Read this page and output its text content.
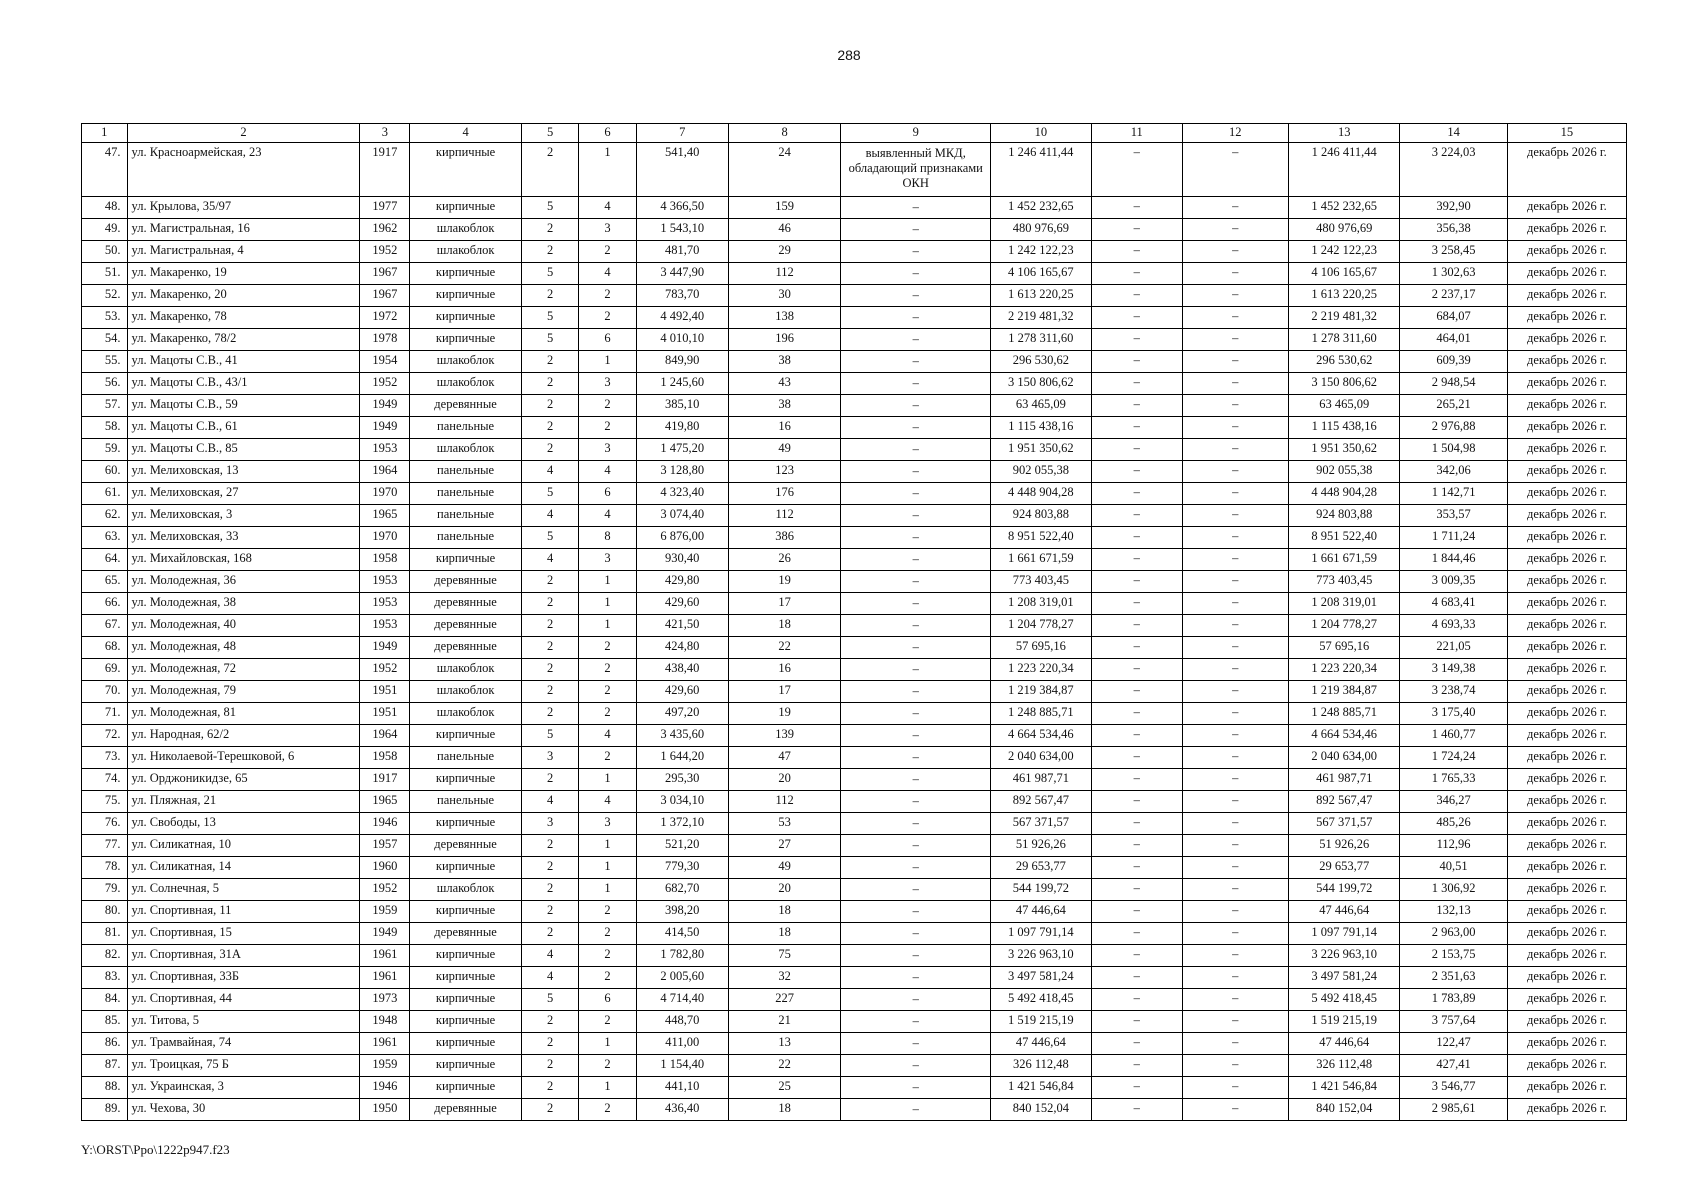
288
1	2	3	4	5	6	7	8	9	10	11	12	13	14	15
47.	ул. Красноармейская, 23	1917	кирпичные	2	1	541,40	24	выявленный МКД, обладающий признаками ОКН	1 246 411,44	–	–	1 246 411,44	3 224,03	декабрь 2026 г.
48.	ул. Крылова, 35/97	1977	кирпичные	5	4	4 366,50	159	–	1 452 232,65	–	–	1 452 232,65	392,90	декабрь 2026 г.
49.	ул. Магистральная, 16	1962	шлакоблок	2	3	1 543,10	46	–	480 976,69	–	–	480 976,69	356,38	декабрь 2026 г.
50.	ул. Магистральная, 4	1952	шлакоблок	2	2	481,70	29	–	1 242 122,23	–	–	1 242 122,23	3 258,45	декабрь 2026 г.
51.	ул. Макаренко, 19	1967	кирпичные	5	4	3 447,90	112	–	4 106 165,67	–	–	4 106 165,67	1 302,63	декабрь 2026 г.
52.	ул. Макаренко, 20	1967	кирпичные	2	2	783,70	30	–	1 613 220,25	–	–	1 613 220,25	2 237,17	декабрь 2026 г.
53.	ул. Макаренко, 78	1972	кирпичные	5	2	4 492,40	138	–	2 219 481,32	–	–	2 219 481,32	684,07	декабрь 2026 г.
54.	ул. Макаренко, 78/2	1978	кирпичные	5	6	4 010,10	196	–	1 278 311,60	–	–	1 278 311,60	464,01	декабрь 2026 г.
55.	ул. Мацоты С.В., 41	1954	шлакоблок	2	1	849,90	38	–	296 530,62	–	–	296 530,62	609,39	декабрь 2026 г.
56.	ул. Мацоты С.В., 43/1	1952	шлакоблок	2	3	1 245,60	43	–	3 150 806,62	–	–	3 150 806,62	2 948,54	декабрь 2026 г.
57.	ул. Мацоты С.В., 59	1949	деревянные	2	2	385,10	38	–	63 465,09	–	–	63 465,09	265,21	декабрь 2026 г.
58.	ул. Мацоты С.В., 61	1949	панельные	2	2	419,80	16	–	1 115 438,16	–	–	1 115 438,16	2 976,88	декабрь 2026 г.
59.	ул. Мацоты С.В., 85	1953	шлакоблок	2	3	1 475,20	49	–	1 951 350,62	–	–	1 951 350,62	1 504,98	декабрь 2026 г.
60.	ул. Мелиховская, 13	1964	панельные	4	4	3 128,80	123	–	902 055,38	–	–	902 055,38	342,06	декабрь 2026 г.
61.	ул. Мелиховская, 27	1970	панельные	5	6	4 323,40	176	–	4 448 904,28	–	–	4 448 904,28	1 142,71	декабрь 2026 г.
62.	ул. Мелиховская, 3	1965	панельные	4	4	3 074,40	112	–	924 803,88	–	–	924 803,88	353,57	декабрь 2026 г.
63.	ул. Мелиховская, 33	1970	панельные	5	8	6 876,00	386	–	8 951 522,40	–	–	8 951 522,40	1 711,24	декабрь 2026 г.
64.	ул. Михайловская, 168	1958	кирпичные	4	3	930,40	26	–	1 661 671,59	–	–	1 661 671,59	1 844,46	декабрь 2026 г.
65.	ул. Молодежная, 36	1953	деревянные	2	1	429,80	19	–	773 403,45	–	–	773 403,45	3 009,35	декабрь 2026 г.
66.	ул. Молодежная, 38	1953	деревянные	2	1	429,60	17	–	1 208 319,01	–	–	1 208 319,01	4 683,41	декабрь 2026 г.
67.	ул. Молодежная, 40	1953	деревянные	2	1	421,50	18	–	1 204 778,27	–	–	1 204 778,27	4 693,33	декабрь 2026 г.
68.	ул. Молодежная, 48	1949	деревянные	2	2	424,80	22	–	57 695,16	–	–	57 695,16	221,05	декабрь 2026 г.
69.	ул. Молодежная, 72	1952	шлакоблок	2	2	438,40	16	–	1 223 220,34	–	–	1 223 220,34	3 149,38	декабрь 2026 г.
70.	ул. Молодежная, 79	1951	шлакоблок	2	2	429,60	17	–	1 219 384,87	–	–	1 219 384,87	3 238,74	декабрь 2026 г.
71.	ул. Молодежная, 81	1951	шлакоблок	2	2	497,20	19	–	1 248 885,71	–	–	1 248 885,71	3 175,40	декабрь 2026 г.
72.	ул. Народная, 62/2	1964	кирпичные	5	4	3 435,60	139	–	4 664 534,46	–	–	4 664 534,46	1 460,77	декабрь 2026 г.
73.	ул. Николаевой-Терешковой, 6	1958	панельные	3	2	1 644,20	47	–	2 040 634,00	–	–	2 040 634,00	1 724,24	декабрь 2026 г.
74.	ул. Орджоникидзе, 65	1917	кирпичные	2	1	295,30	20	–	461 987,71	–	–	461 987,71	1 765,33	декабрь 2026 г.
75.	ул. Пляжная, 21	1965	панельные	4	4	3 034,10	112	–	892 567,47	–	–	892 567,47	346,27	декабрь 2026 г.
76.	ул. Свободы, 13	1946	кирпичные	3	3	1 372,10	53	–	567 371,57	–	–	567 371,57	485,26	декабрь 2026 г.
77.	ул. Силикатная, 10	1957	деревянные	2	1	521,20	27	–	51 926,26	–	–	51 926,26	112,96	декабрь 2026 г.
78.	ул. Силикатная, 14	1960	кирпичные	2	1	779,30	49	–	29 653,77	–	–	29 653,77	40,51	декабрь 2026 г.
79.	ул. Солнечная, 5	1952	шлакоблок	2	1	682,70	20	–	544 199,72	–	–	544 199,72	1 306,92	декабрь 2026 г.
80.	ул. Спортивная, 11	1959	кирпичные	2	2	398,20	18	–	47 446,64	–	–	47 446,64	132,13	декабрь 2026 г.
81.	ул. Спортивная, 15	1949	деревянные	2	2	414,50	18	–	1 097 791,14	–	–	1 097 791,14	2 963,00	декабрь 2026 г.
82.	ул. Спортивная, 31А	1961	кирпичные	4	2	1 782,80	75	–	3 226 963,10	–	–	3 226 963,10	2 153,75	декабрь 2026 г.
83.	ул. Спортивная, 33Б	1961	кирпичные	4	2	2 005,60	32	–	3 497 581,24	–	–	3 497 581,24	2 351,63	декабрь 2026 г.
84.	ул. Спортивная, 44	1973	кирпичные	5	6	4 714,40	227	–	5 492 418,45	–	–	5 492 418,45	1 783,89	декабрь 2026 г.
85.	ул. Титова, 5	1948	кирпичные	2	2	448,70	21	–	1 519 215,19	–	–	1 519 215,19	3 757,64	декабрь 2026 г.
86.	ул. Трамвайная, 74	1961	кирпичные	2	1	411,00	13	–	47 446,64	–	–	47 446,64	122,47	декабрь 2026 г.
87.	ул. Троицкая, 75 Б	1959	кирпичные	2	2	1 154,40	22	–	326 112,48	–	–	326 112,48	427,41	декабрь 2026 г.
88.	ул. Украинская, 3	1946	кирпичные	2	1	441,10	25	–	1 421 546,84	–	–	1 421 546,84	3 546,77	декабрь 2026 г.
89.	ул. Чехова, 30	1950	деревянные	2	2	436,40	18	–	840 152,04	–	–	840 152,04	2 985,61	декабрь 2026 г.
Y:\ORST\Ppo\1222p947.f23
